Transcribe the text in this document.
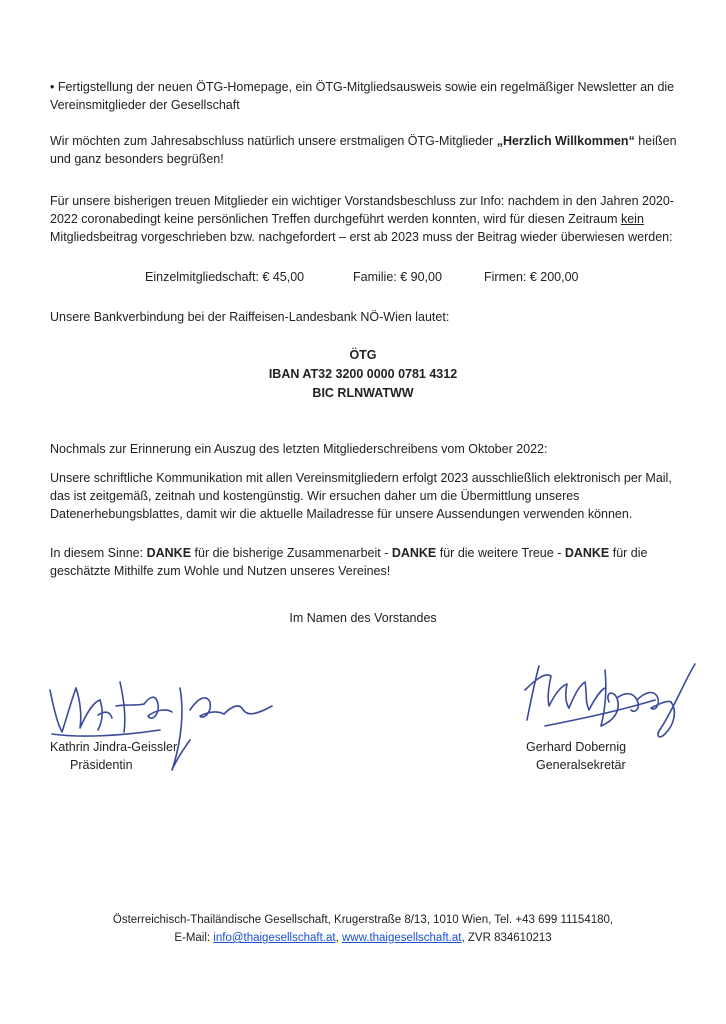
• Fertigstellung der neuen ÖTG-Homepage, ein ÖTG-Mitgliedsausweis sowie ein regelmäßiger Newsletter an die Vereinsmitglieder der Gesellschaft

Wir möchten zum Jahresabschluss natürlich unsere erstmaligen ÖTG-Mitglieder „Herzlich Willkommen“ heißen und ganz besonders begrüßen!

Für unsere bisherigen treuen Mitglieder ein wichtiger Vorstandsbeschluss zur Info: nachdem in den Jahren 2020-2022 coronabedingt keine persönlichen Treffen durchgeführt werden konnten, wird für diesen Zeitraum kein Mitgliedsbeitrag vorgeschrieben bzw. nachgefordert – erst ab 2023 muss der Beitrag wieder überwiesen werden:

Einzelmitgliedschaft: € 45,00	Familie: € 90,00	Firmen: € 200,00

Unsere Bankverbindung bei der Raiffeisen-Landesbank NÖ-Wien lautet:

ÖTG
IBAN AT32 3200 0000 0781 4312
BIC RLNWATWW

Nochmals zur Erinnerung ein Auszug des letzten Mitgliederschreibens vom Oktober 2022:

Unsere schriftliche Kommunikation mit allen Vereinsmitgliedern erfolgt 2023 ausschließlich elektronisch per Mail, das ist zeitgemäß, zeitnah und kostengünstig. Wir ersuchen daher um die Übermittlung unseres Datenerhebungsblattes, damit wir die aktuelle Mailadresse für unsere Aussendungen verwenden können.

In diesem Sinne: DANKE für die bisherige Zusammenarbeit - DANKE für die weitere Treue - DANKE für die geschätzte Mithilfe zum Wohle und Nutzen unseres Vereines!

Im Namen des Vorstandes
Kathrin Jindra-Geissler
Präsidentin
Gerhard Dobernig
Generalsekretär
Österreichisch-Thailändische Gesellschaft, Krugerstraße 8/13, 1010 Wien, Tel. +43 699 11154180,
E-Mail: info@thaigesellschaft.at, www.thaigesellschaft.at, ZVR 834610213
